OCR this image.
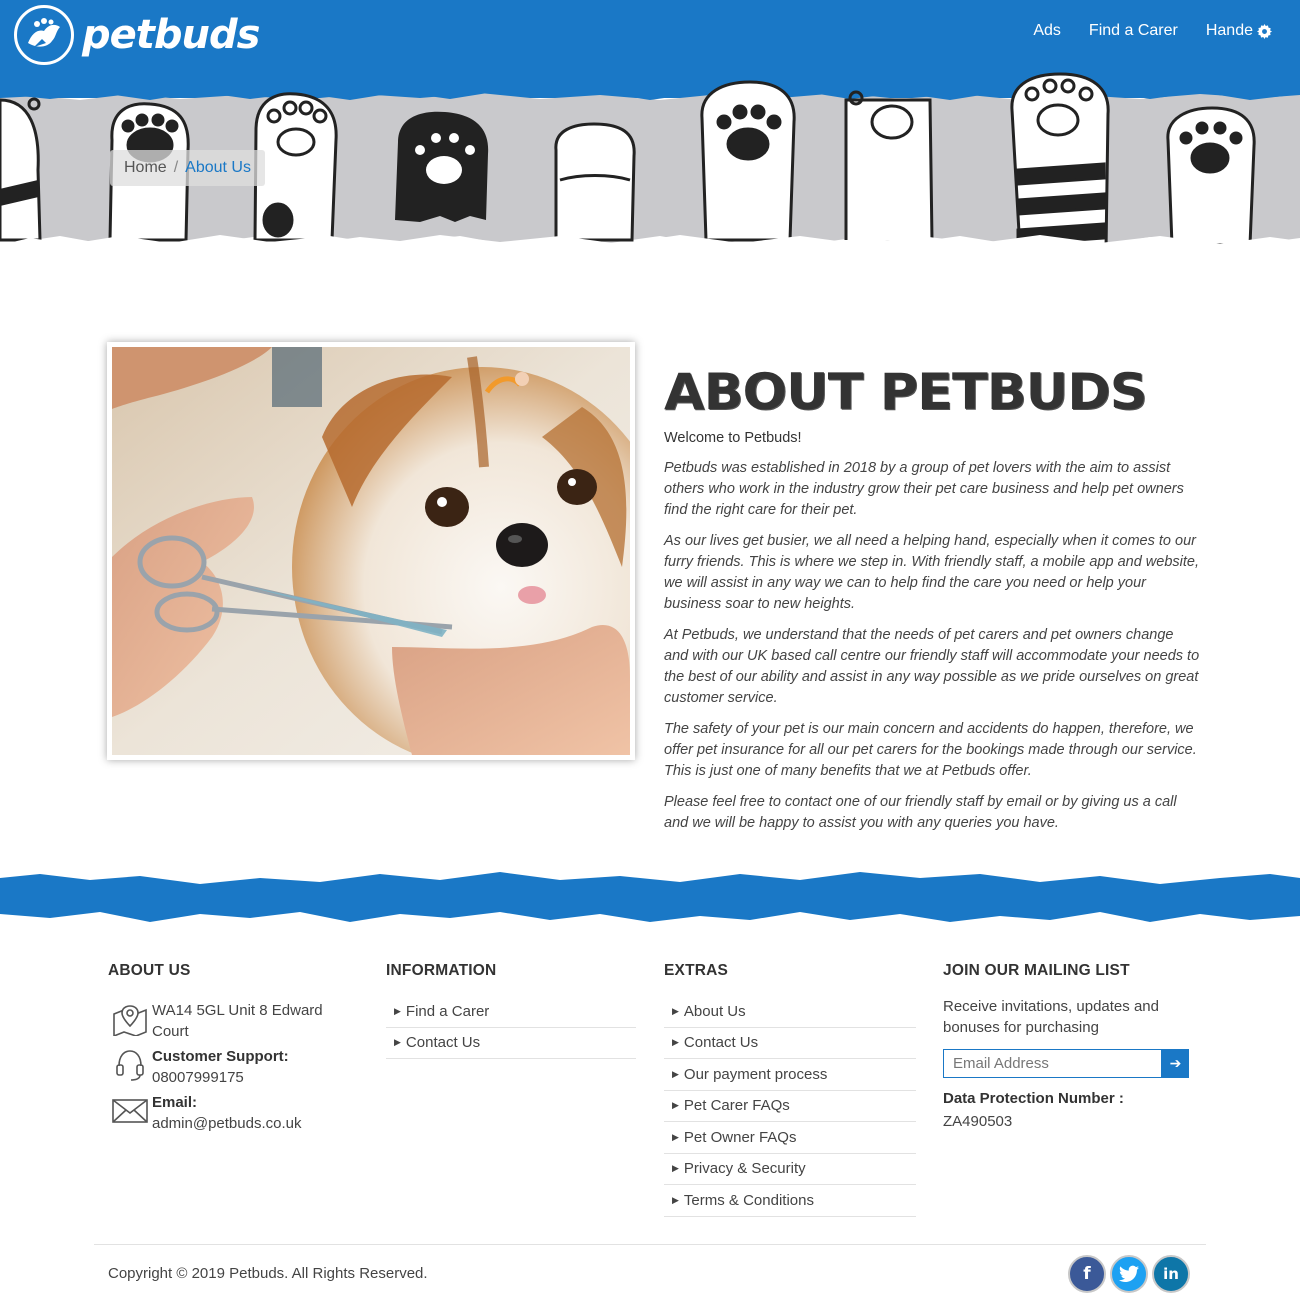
petbuds	Ads Find a Carer Hande
Home / About Us
ABOUT PETBUDS
Welcome to Petbuds!

Petbuds was established in 2018 by a group of pet lovers with the aim to assist others who work in the industry grow their pet care business and help pet owners find the right care for their pet.

As our lives get busier, we all need a helping hand, especially when it comes to our furry friends. This is where we step in. With friendly staff, a mobile app and website, we will assist in any way we can to help find the care you need or help your business soar to new heights.

At Petbuds, we understand that the needs of pet carers and pet owners change and with our UK based call centre our friendly staff will accommodate your needs to the best of our ability and assist in any way possible as we pride ourselves on great customer service.

The safety of your pet is our main concern and accidents do happen, therefore, we offer pet insurance for all our pet carers for the bookings made through our service. This is just one of many benefits that we at Petbuds offer.

Please feel free to contact one of our friendly staff by email or by giving us a call and we will be happy to assist you with any queries you have.

ABOUT US
WA14 5GL Unit 8 Edward Court
Customer Support:
08007999175
Email:
admin@petbuds.co.uk
INFORMATION
▶ Find a Carer
▶ Contact Us
EXTRAS
▶ About Us
▶ Contact Us
▶ Our payment process
▶ Pet Carer FAQs
▶ Pet Owner FAQs
▶ Privacy & Security
▶ Terms & Conditions
JOIN OUR MAILING LIST
Receive invitations, updates and bonuses for purchasing
Email Address
➔
Data Protection Number :
ZA490503
Copyright © 2019 Petbuds. All Rights Reserved.	f	in
